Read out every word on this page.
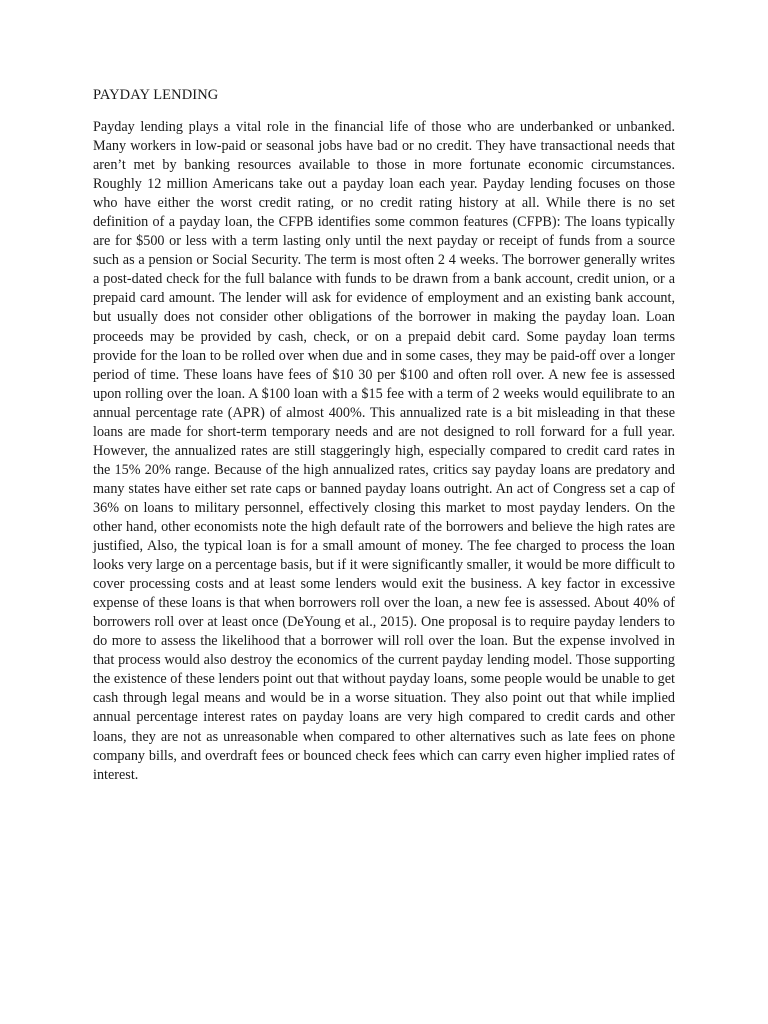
PAYDAY LENDING

Payday lending plays a vital role in the financial life of those who are underbanked or unbanked. Many workers in low-paid or seasonal jobs have bad or no credit. They have transactional needs that aren’t met by banking resources available to those in more fortunate economic circumstances. Roughly 12 million Americans take out a payday loan each year. Payday lending focuses on those who have either the worst credit rating, or no credit rating history at all. While there is no set definition of a payday loan, the CFPB identifies some common features (CFPB): The loans typically are for $500 or less with a term lasting only until the next payday or receipt of funds from a source such as a pension or Social Security. The term is most often 2 4 weeks. The borrower generally writes a post-dated check for the full balance with funds to be drawn from a bank account, credit union, or a prepaid card amount. The lender will ask for evidence of employment and an existing bank account, but usually does not consider other obligations of the borrower in making the payday loan. Loan proceeds may be provided by cash, check, or on a prepaid debit card. Some payday loan terms provide for the loan to be rolled over when due and in some cases, they may be paid-off over a longer period of time. These loans have fees of $10 30 per $100 and often roll over. A new fee is assessed upon rolling over the loan. A $100 loan with a $15 fee with a term of 2 weeks would equilibrate to an annual percentage rate (APR) of almost 400%. This annualized rate is a bit misleading in that these loans are made for short-term temporary needs and are not designed to roll forward for a full year. However, the annualized rates are still staggeringly high, especially compared to credit card rates in the 15% 20% range. Because of the high annualized rates, critics say payday loans are predatory and many states have either set rate caps or banned payday loans outright. An act of Congress set a cap of 36% on loans to military personnel, effectively closing this market to most payday lenders. On the other hand, other economists note the high default rate of the borrowers and believe the high rates are justified, Also, the typical loan is for a small amount of money. The fee charged to process the loan looks very large on a percentage basis, but if it were significantly smaller, it would be more difficult to cover processing costs and at least some lenders would exit the business. A key factor in excessive expense of these loans is that when borrowers roll over the loan, a new fee is assessed. About 40% of borrowers roll over at least once (DeYoung et al., 2015). One proposal is to require payday lenders to do more to assess the likelihood that a borrower will roll over the loan. But the expense involved in that process would also destroy the economics of the current payday lending model. Those supporting the existence of these lenders point out that without payday loans, some people would be unable to get cash through legal means and would be in a worse situation. They also point out that while implied annual percentage interest rates on payday loans are very high compared to credit cards and other loans, they are not as unreasonable when compared to other alternatives such as late fees on phone company bills, and overdraft fees or bounced check fees which can carry even higher implied rates of interest.
